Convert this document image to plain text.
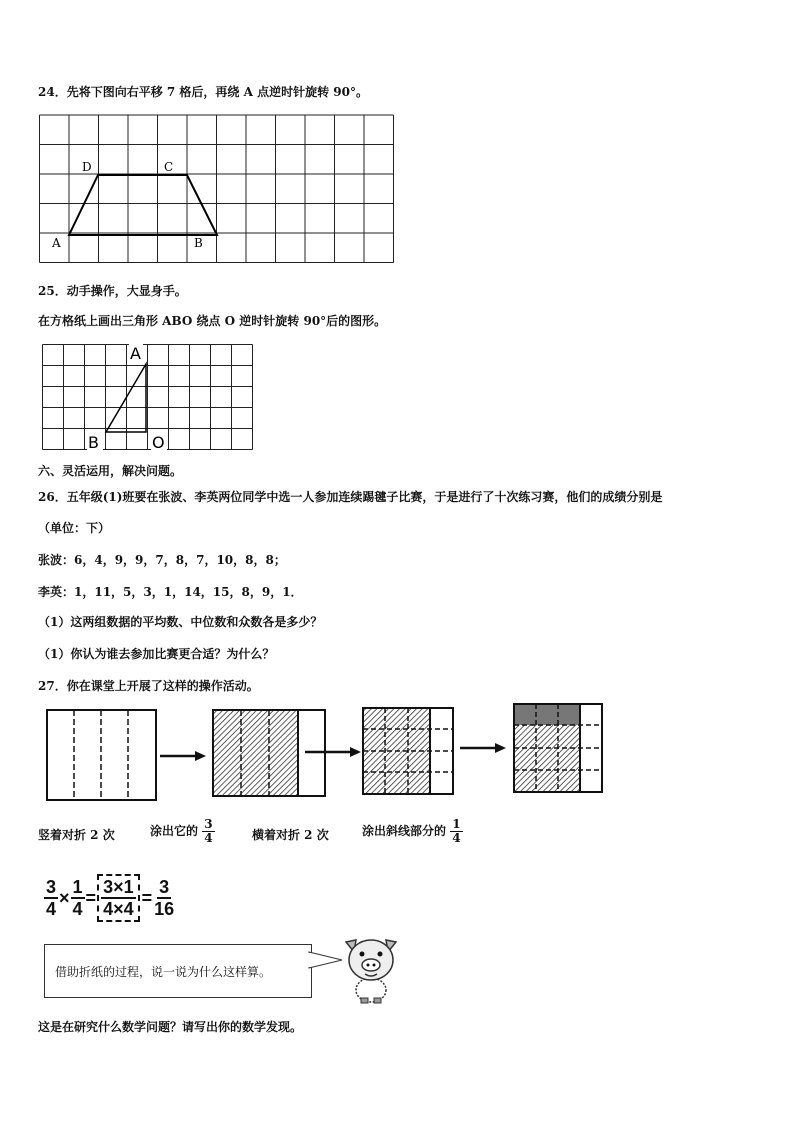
24．先将下图向右平移 7 格后，再绕 A 点逆时针旋转 90°。
A	B
C
D
25．动手操作，大显身手。
在方格纸上画出三角形 ABO 绕点 O 逆时针旋转 90°后的图形。
A
B	O
六、灵活运用，解决问题。
26．五年级(1)班要在张波、李英两位同学中选一人参加连续踢毽子比赛，于是进行了十次练习赛，他们的成绩分别是
（单位：下）
张波：6，4，9，9，7，8，7，10，8，8；
李英：1，11，5，3，1，14，15，8，9，1．
（1）这两组数据的平均数、中位数和众数各是多少？
（1）你认为谁去参加比赛更合适？为什么？
27．你在课堂上开展了这样的操作活动。
竖着对折 2 次	涂出它的 $\frac{3}{4}$	横着对折 2 次	涂出斜线部分的 $\frac{1}{4}$
$\frac{3}{4} \times \frac{1}{4} = \frac{3\times 1}{4\times 4} = \frac{3}{16}$
借助折纸的过程，说一说为什么这样算。
这是在研究什么数学问题？请写出你的数学发现。
